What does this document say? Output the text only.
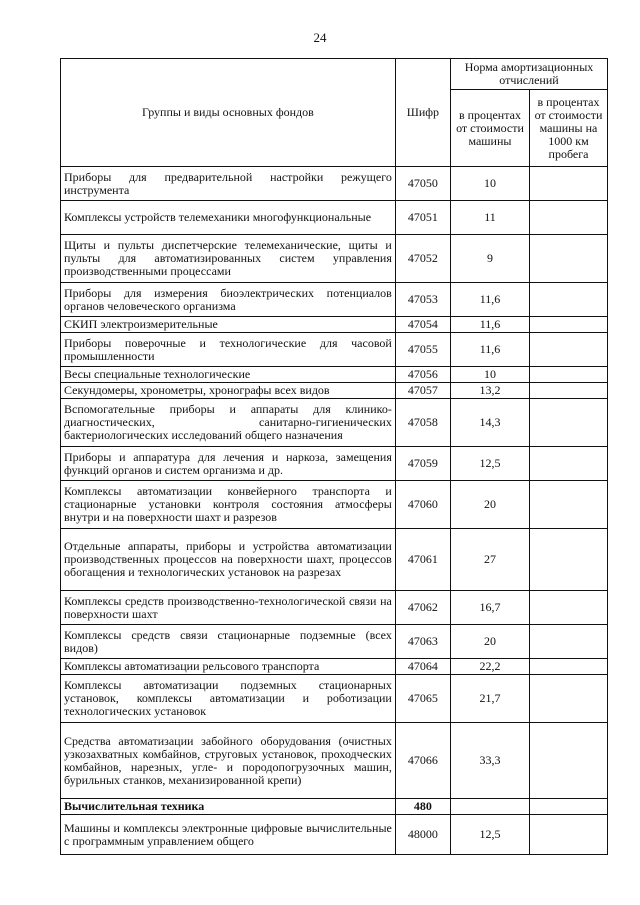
24
Группы и виды основных фондов	Шифр	Норма амортизационных отчислений	
		в процентах от стоимости машины	в процентах от стоимости машины на 1000 км пробега
Приборы для предварительной настройки режущего инструмента	47050	10	
Комплексы устройств телемеханики многофункциональные	47051	11	
Щиты и пульты диспетчерские телемеханические, щиты и пульты для автоматизированных систем управления производственными процессами	47052	9	
Приборы для измерения биоэлектрических потенциалов органов человеческого организма	47053	11,6	
СКИП электроизмерительные	47054	11,6	
Приборы поверочные и технологические для часовой промышленности	47055	11,6	
Весы специальные технологические	47056	10	
Секундомеры, хронометры, хронографы всех видов	47057	13,2	
Вспомогательные приборы и аппараты для клинико-диагностических, санитарно-гигиенических бактериологических исследований общего назначения	47058	14,3	
Приборы и аппаратура для лечения и наркоза, замещения функций органов и систем организма и др.	47059	12,5	
Комплексы автоматизации конвейерного транспорта и стационарные установки контроля состояния атмосферы внутри и на поверхности шахт и разрезов	47060	20	
Отдельные аппараты, приборы и устройства автоматизации производственных процессов на поверхности шахт, процессов обогащения и технологических установок на разрезах	47061	27	
Комплексы средств производственно-технологической связи на поверхности шахт	47062	16,7	
Комплексы средств связи стационарные подземные (всех видов)	47063	20	
Комплексы автоматизации рельсового транспорта	47064	22,2	
Комплексы автоматизации подземных стационарных установок, комплексы автоматизации и роботизации технологических установок	47065	21,7	
Средства автоматизации забойного оборудования (очистных узкозахватных комбайнов, струговых установок, проходческих комбайнов, нарезных, угле- и породопогрузочных машин, бурильных станков, механизированной крепи)	47066	33,3	
Вычислительная техника	480		
Машины и комплексы электронные цифровые вычислительные с программным управлением общего	48000	12,5	
